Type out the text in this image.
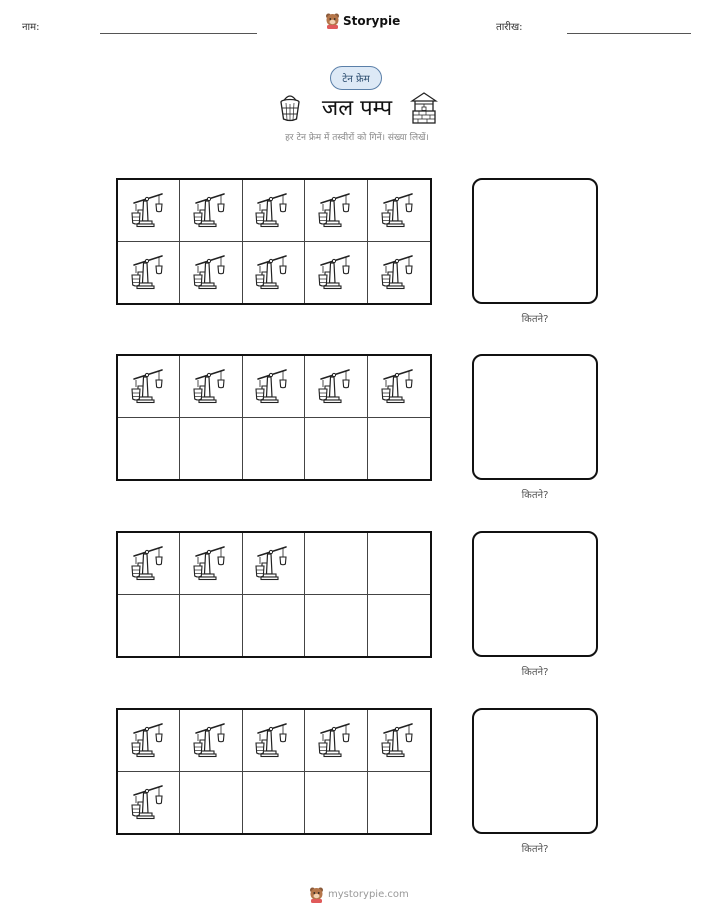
नाम:	Storypie	तारीख:
टेन फ्रेम
जल पम्प
हर टेन फ्रेम में तस्वीरों को गिनें। संख्या लिखें।
कितने?
कितने?
कितने?
कितने?
mystorypie.com
